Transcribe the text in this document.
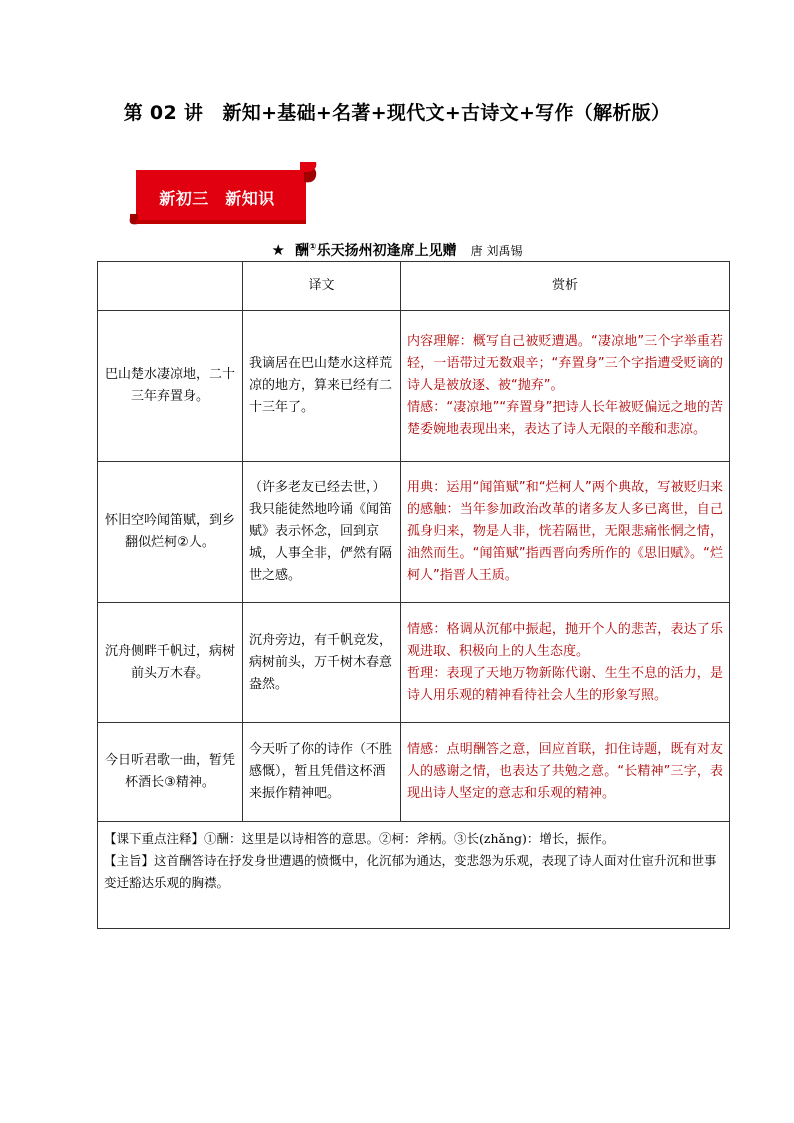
第 02 讲　新知+基础+名著+现代文+古诗文+写作（解析版）
新初三　新知识
★ 酬①乐天扬州初逢席上见赠 唐 刘禹锡
	译文	赏析
巴山楚水凄凉地，二十三年弃置身。	我谪居在巴山楚水这样荒凉的地方，算来已经有二十三年了。	内容理解：概写自己被贬遭遇。“凄凉地”三个字举重若轻，一语带过无数艰辛；“弃置身”三个字指遭受贬谪的诗人是被放逐、被“抛弃”。
情感：“凄凉地”“弃置身”把诗人长年被贬偏远之地的苦楚委婉地表现出来，表达了诗人无限的辛酸和悲凉。
怀旧空吟闻笛赋，到乡翻似烂柯②人。	（许多老友已经去世，）我只能徒然地吟诵《闻笛赋》表示怀念，回到京城，人事全非，俨然有隔世之感。	用典：运用“闻笛赋”和“烂柯人”两个典故，写被贬归来的感触：当年参加政治改革的诸多友人多已离世，自己孤身归来，物是人非，恍若隔世，无限悲痛怅惘之情，油然而生。“闻笛赋”指西晋向秀所作的《思旧赋》。“烂柯人”指晋人王质。
沉舟侧畔千帆过，病树前头万木春。	沉舟旁边，有千帆竞发，病树前头，万千树木春意盎然。	情感：格调从沉郁中振起，抛开个人的悲苦，表达了乐观进取、积极向上的人生态度。
哲理：表现了天地万物新陈代谢、生生不息的活力，是诗人用乐观的精神看待社会人生的形象写照。
今日听君歌一曲，暂凭杯酒长③精神。	今天听了你的诗作（不胜感慨），暂且凭借这杯酒来振作精神吧。	情感：点明酬答之意，回应首联，扣住诗题，既有对友人的感谢之情，也表达了共勉之意。“长精神”三字，表现出诗人坚定的意志和乐观的精神。
【课下重点注释】①酬：这里是以诗相答的意思。②柯：斧柄。③长(zhǎng)：增长，振作。
【主旨】这首酬答诗在抒发身世遭遇的愤慨中，化沉郁为通达，变悲怨为乐观，表现了诗人面对仕宦升沉和世事变迁豁达乐观的胸襟。		
